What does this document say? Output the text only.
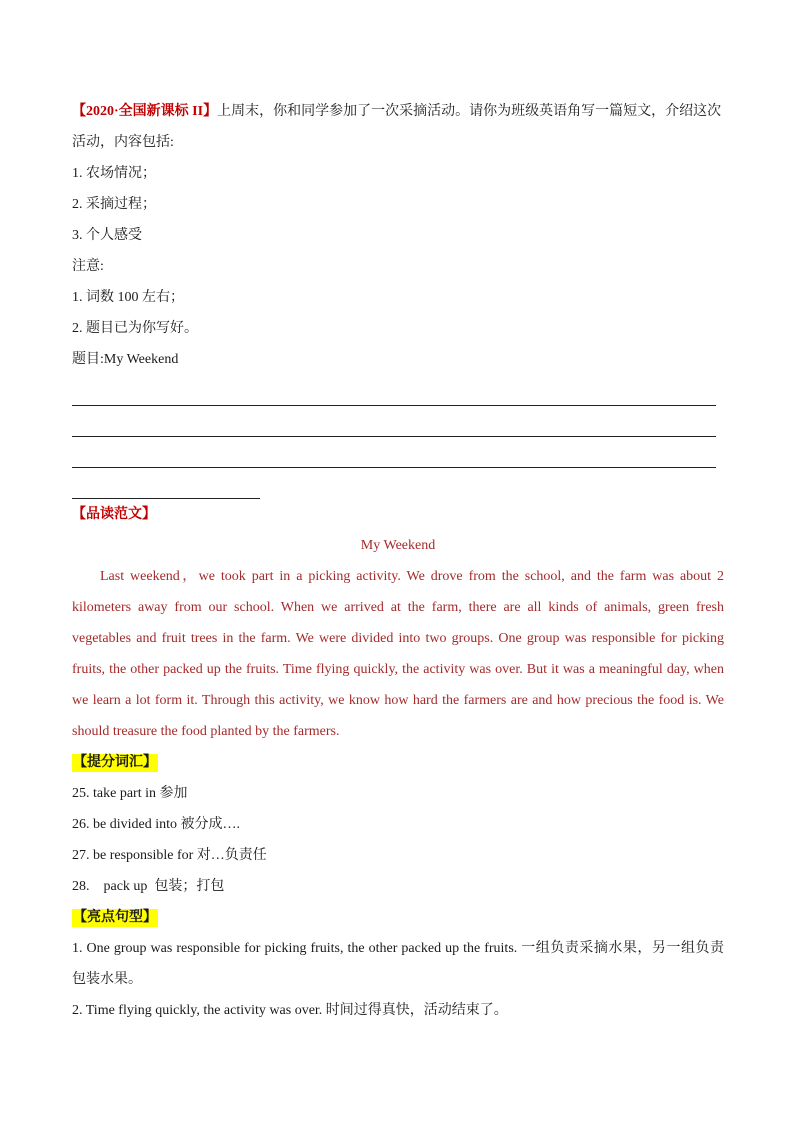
【2020·全国新课标 II】上周末，你和同学参加了一次采摘活动。请你为班级英语角写一篇短文，介绍这次

活动，内容包括:

1. 农场情况；

2. 采摘过程；

3. 个人感受

注意:

1. 词数 100 左右；

2. 题目已为你写好。

题目:My Weekend

【品读范文】

My Weekend

Last weekend，we took part in a picking activity. We drove from the school, and the farm was about 2 kilometers away from our school. When we arrived at the farm, there are all kinds of animals, green fresh vegetables and fruit trees in the farm. We were divided into two groups. One group was responsible for picking fruits, the other packed up the fruits. Time flying quickly, the activity was over. But it was a meaningful day, when we learn a lot form it. Through this activity, we know how hard the farmers are and how precious the food is. We should treasure the food planted by the farmers.

【提分词汇】

25. take part in 参加

26. be divided into 被分成….

27. be responsible for 对…负责任

28.    pack up  包装；打包

【亮点句型】

1. One group was responsible for picking fruits, the other packed up the fruits. 一组负责采摘水果，另一组负责包装水果。

2. Time flying quickly, the activity was over. 时间过得真快，活动结束了。
